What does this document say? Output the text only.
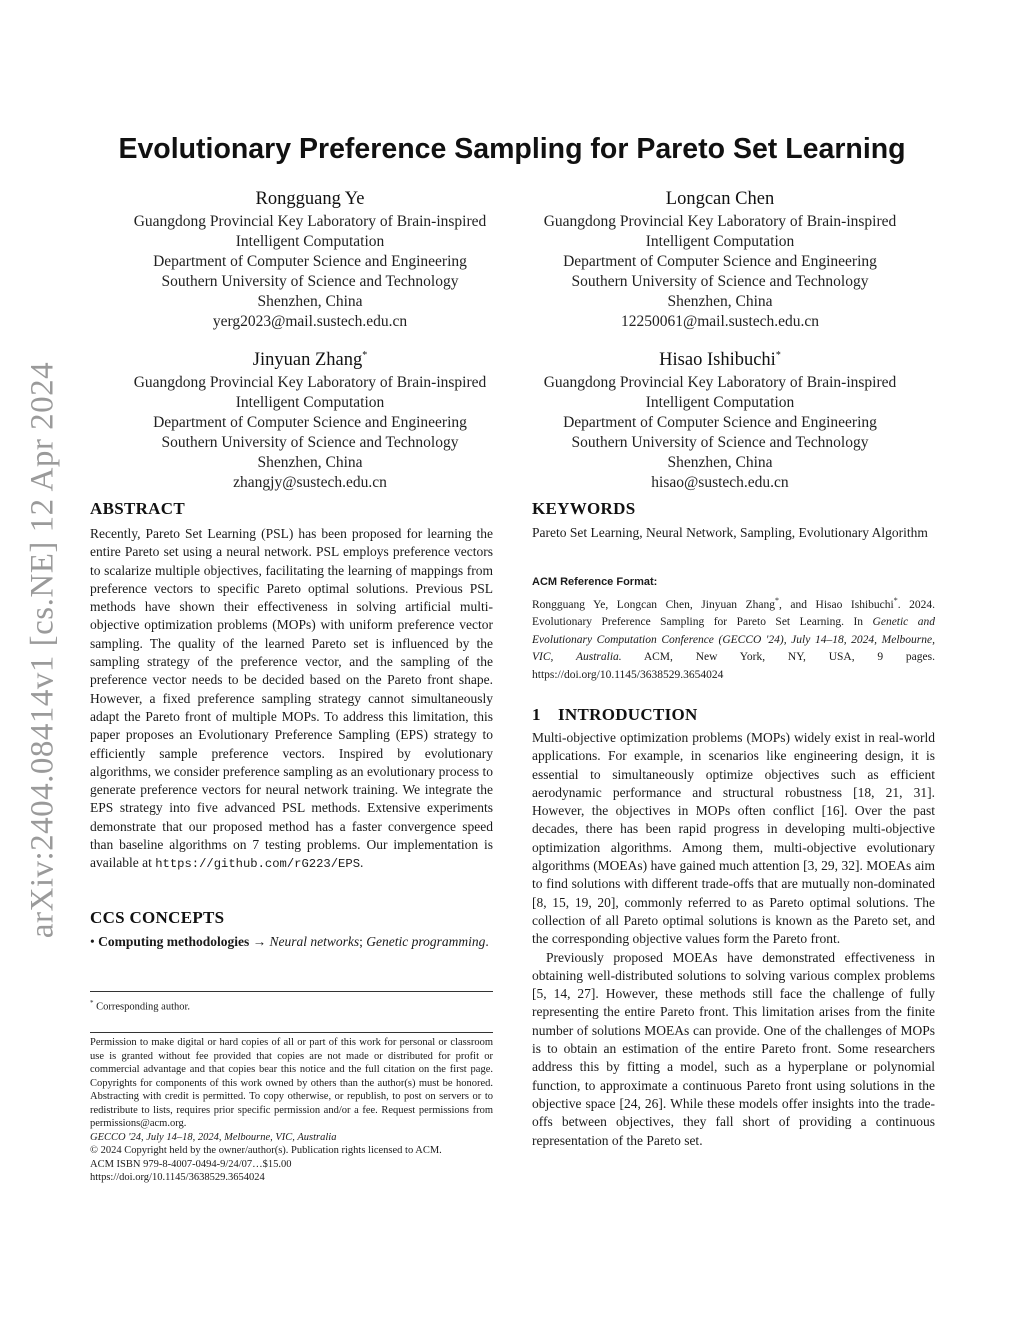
arXiv:2404.08414v1 [cs.NE] 12 Apr 2024
Evolutionary Preference Sampling for Pareto Set Learning
Rongguang Ye
Guangdong Provincial Key Laboratory of Brain-inspired
Intelligent Computation
Department of Computer Science and Engineering
Southern University of Science and Technology
Shenzhen, China
yerg2023@mail.sustech.edu.cn
Longcan Chen
Guangdong Provincial Key Laboratory of Brain-inspired
Intelligent Computation
Department of Computer Science and Engineering
Southern University of Science and Technology
Shenzhen, China
12250061@mail.sustech.edu.cn
Jinyuan Zhang*
Guangdong Provincial Key Laboratory of Brain-inspired
Intelligent Computation
Department of Computer Science and Engineering
Southern University of Science and Technology
Shenzhen, China
zhangjy@sustech.edu.cn
Hisao Ishibuchi*
Guangdong Provincial Key Laboratory of Brain-inspired
Intelligent Computation
Department of Computer Science and Engineering
Southern University of Science and Technology
Shenzhen, China
hisao@sustech.edu.cn
ABSTRACT

Recently, Pareto Set Learning (PSL) has been proposed for learning the entire Pareto set using a neural network. PSL employs preference vectors to scalarize multiple objectives, facilitating the learning of mappings from preference vectors to specific Pareto optimal solutions. Previous PSL methods have shown their effectiveness in solving artificial multi-objective optimization problems (MOPs) with uniform preference vector sampling. The quality of the learned Pareto set is influenced by the sampling strategy of the preference vector, and the sampling of the preference vector needs to be decided based on the Pareto front shape. However, a fixed preference sampling strategy cannot simultaneously adapt the Pareto front of multiple MOPs. To address this limitation, this paper proposes an Evolutionary Preference Sampling (EPS) strategy to efficiently sample preference vectors. Inspired by evolutionary algorithms, we consider preference sampling as an evolutionary process to generate preference vectors for neural network training. We integrate the EPS strategy into five advanced PSL methods. Extensive experiments demonstrate that our proposed method has a faster convergence speed than baseline algorithms on 7 testing problems. Our implementation is available at https://github.com/rG223/EPS.

CCS CONCEPTS
• Computing methodologies → Neural networks; Genetic programming.
* Corresponding author.

Permission to make digital or hard copies of all or part of this work for personal or classroom use is granted without fee provided that copies are not made or distributed for profit or commercial advantage and that copies bear this notice and the full citation on the first page. Copyrights for components of this work owned by others than the author(s) must be honored. Abstracting with credit is permitted. To copy otherwise, or republish, to post on servers or to redistribute to lists, requires prior specific permission and/or a fee. Request permissions from permissions@acm.org.

GECCO '24, July 14–18, 2024, Melbourne, VIC, Australia

© 2024 Copyright held by the owner/author(s). Publication rights licensed to ACM.

ACM ISBN 979-8-4007-0494-9/24/07…$15.00

https://doi.org/10.1145/3638529.3654024

KEYWORDS

Pareto Set Learning, Neural Network, Sampling, Evolutionary Algorithm

ACM Reference Format:

Rongguang Ye, Longcan Chen, Jinyuan Zhang*, and Hisao Ishibuchi*. 2024. Evolutionary Preference Sampling for Pareto Set Learning. In Genetic and Evolutionary Computation Conference (GECCO '24), July 14–18, 2024, Melbourne, VIC, Australia. ACM, New York, NY, USA, 9 pages. https://doi.org/10.1145/3638529.3654024

1 INTRODUCTION

Multi-objective optimization problems (MOPs) widely exist in real-world applications. For example, in scenarios like engineering design, it is essential to simultaneously optimize objectives such as efficient aerodynamic performance and structural robustness [18, 21, 31]. However, the objectives in MOPs often conflict [16]. Over the past decades, there has been rapid progress in developing multi-objective optimization algorithms. Among them, multi-objective evolutionary algorithms (MOEAs) have gained much attention [3, 29, 32]. MOEAs aim to find solutions with different trade-offs that are mutually non-dominated [8, 15, 19, 20], commonly referred to as Pareto optimal solutions. The collection of all Pareto optimal solutions is known as the Pareto set, and the corresponding objective values form the Pareto front.

Previously proposed MOEAs have demonstrated effectiveness in obtaining well-distributed solutions to solving various complex problems [5, 14, 27]. However, these methods still face the challenge of fully representing the entire Pareto front. This limitation arises from the finite number of solutions MOEAs can provide. One of the challenges of MOPs is to obtain an estimation of the entire Pareto front. Some researchers address this by fitting a model, such as a hyperplane or polynomial function, to approximate a continuous Pareto front using solutions in the objective space [24, 26]. While these models offer insights into the trade-offs between objectives, they fall short of providing a continuous representation of the Pareto set.
